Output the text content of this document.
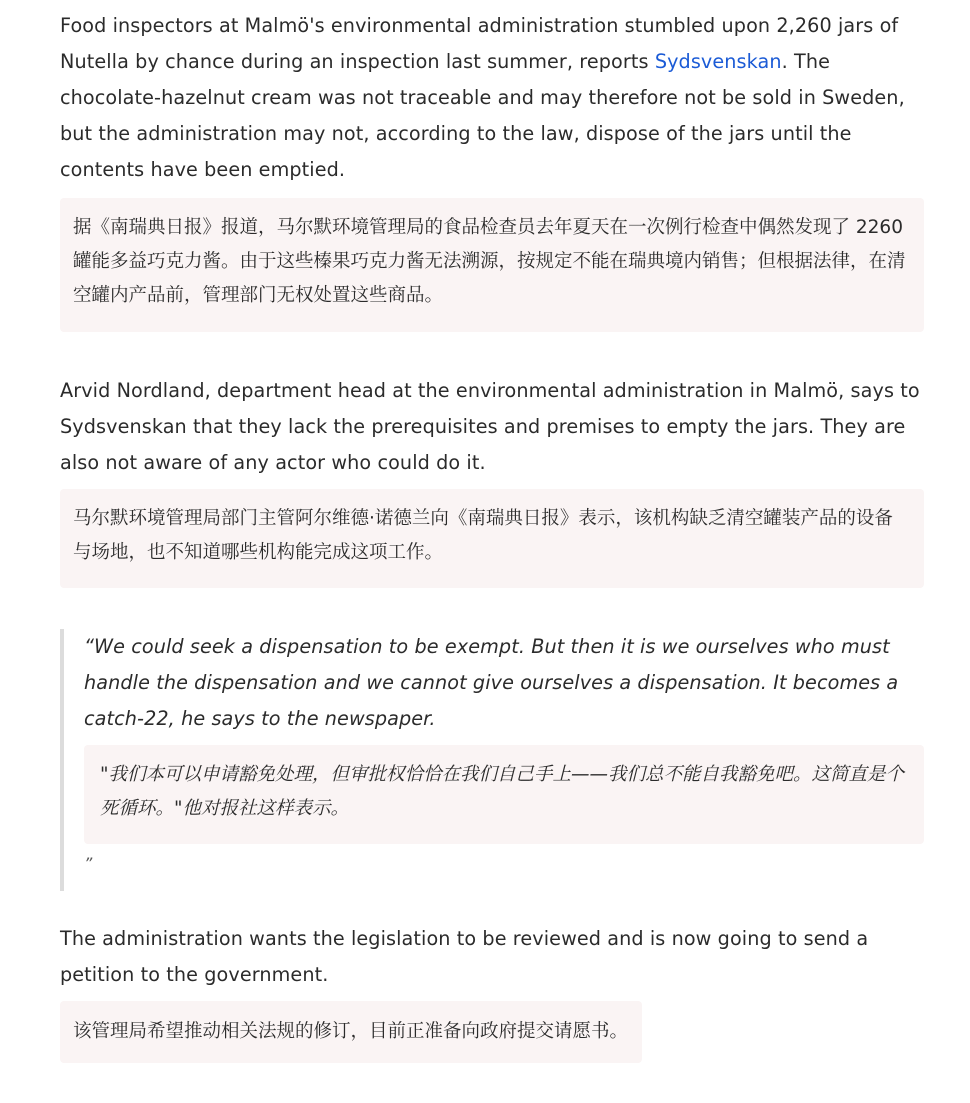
Food inspectors at Malmö's environmental administration stumbled upon 2,260 jars of Nutella by chance during an inspection last summer, reports Sydsvenskan. The chocolate-hazelnut cream was not traceable and may therefore not be sold in Sweden, but the administration may not, according to the law, dispose of the jars until the contents have been emptied.

据《南瑞典日报》报道，马尔默环境管理局的食品检查员去年夏天在一次例行检查中偶然发现了 2260 罐能多益巧克力酱。由于这些榛果巧克力酱无法溯源，按规定不能在瑞典境内销售；但根据法律，在清空罐内产品前，管理部门无权处置这些商品。

Arvid Nordland, department head at the environmental administration in Malmö, says to Sydsvenskan that they lack the prerequisites and premises to empty the jars. They are also not aware of any actor who could do it.

马尔默环境管理局部门主管阿尔维德·诺德兰向《南瑞典日报》表示，该机构缺乏清空罐装产品的设备与场地，也不知道哪些机构能完成这项工作。

“We could seek a dispensation to be exempt. But then it is we ourselves who must handle the dispensation and we cannot give ourselves a dispensation. It becomes a catch-22, he says to the newspaper.

"我们本可以申请豁免处理，但审批权恰恰在我们自己手上——我们总不能自我豁免吧。这简直是个死循环。"他对报社这样表示。
”

The administration wants the legislation to be reviewed and is now going to send a petition to the government.

该管理局希望推动相关法规的修订，目前正准备向政府提交请愿书。
